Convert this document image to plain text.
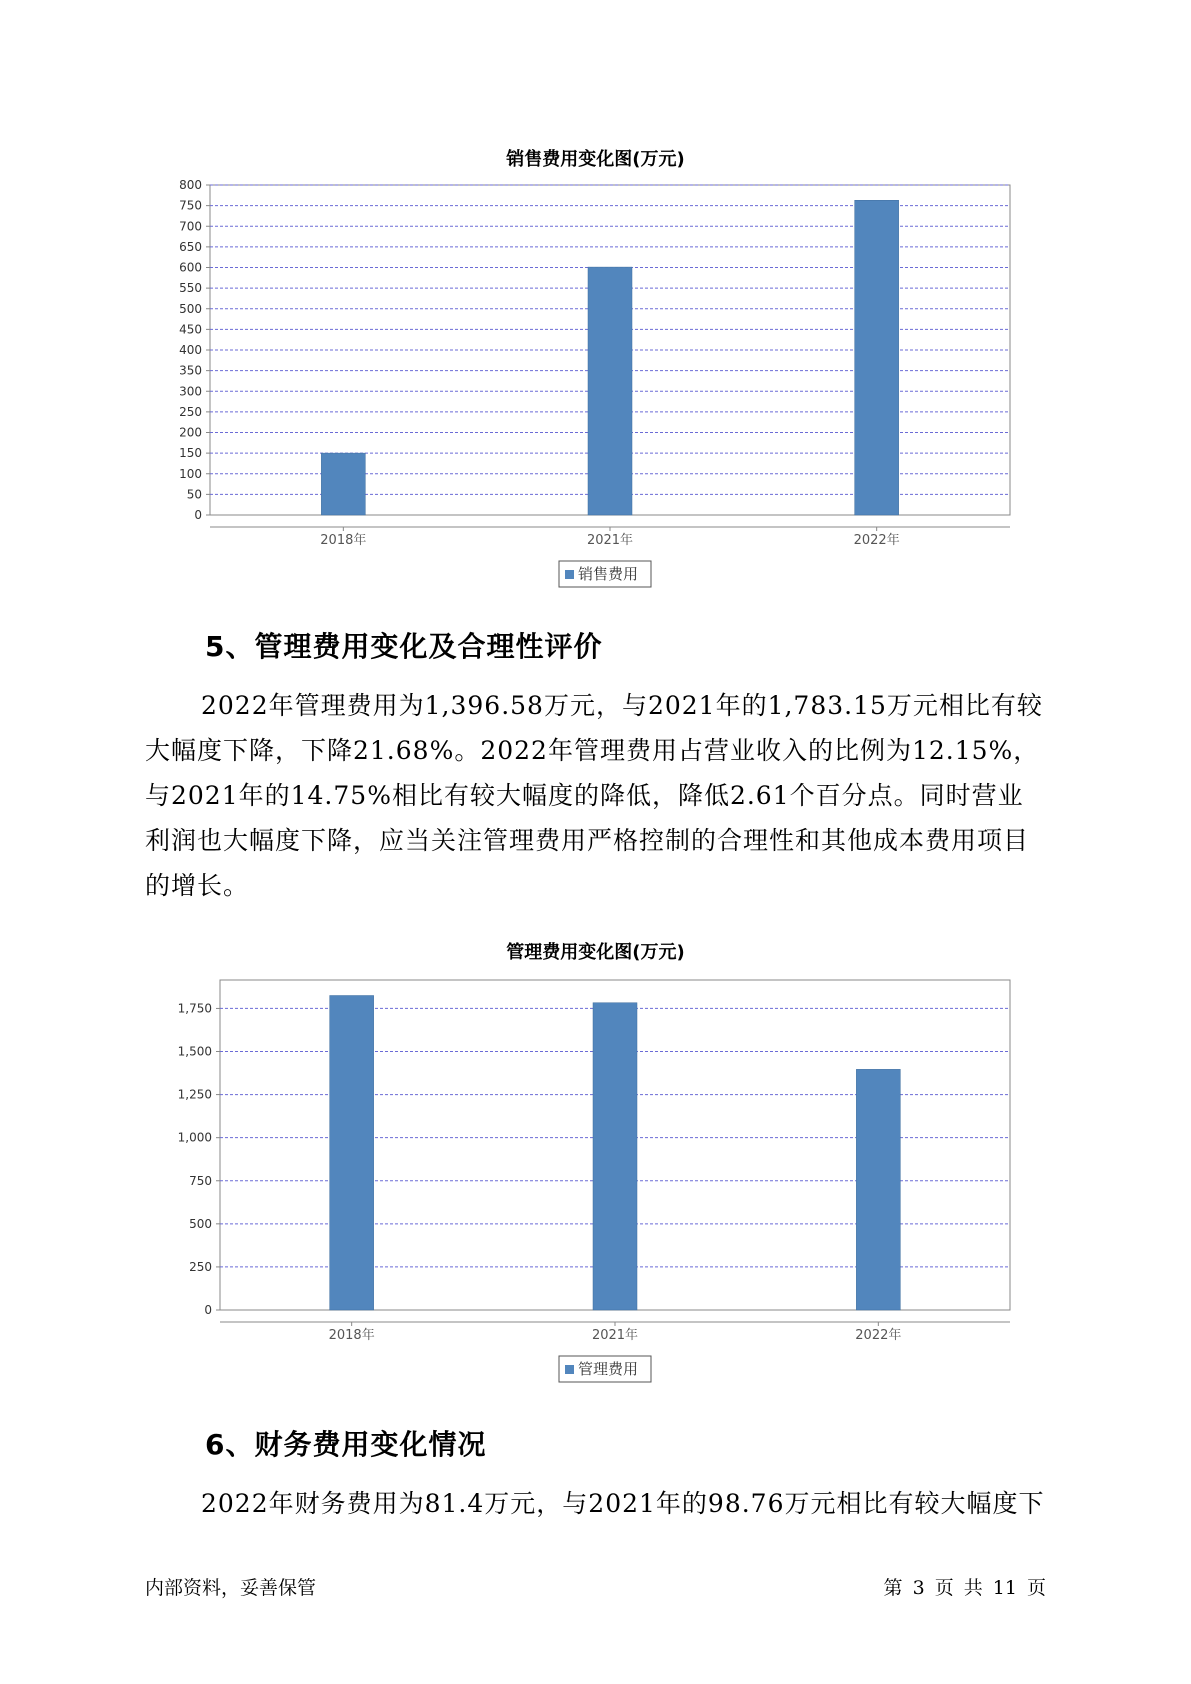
销售费用变化图(万元)
0
50
100
150
200
250
300
350
400
450
500
550
600
650
700
750
800
2018年	2021年	2022年
销售费用
5、管理费用变化及合理性评价

2022年管理费用为1,396.58万元，与2021年的1,783.15万元相比有较大幅度下降，下降21.68%。2022年管理费用占营业收入的比例为12.15%，与2021年的14.75%相比有较大幅度的降低，降低2.61个百分点。同时营业利润也大幅度下降，应当关注管理费用严格控制的合理性和其他成本费用项目的增长。

管理费用变化图(万元)
0
250
500
750
1,000
1,250
1,500
1,750
2018年	2021年	2022年
管理费用
6、财务费用变化情况

2022年财务费用为81.4万元，与2021年的98.76万元相比有较大幅度下

内部资料，妥善保管	第 3 页 共 11 页
